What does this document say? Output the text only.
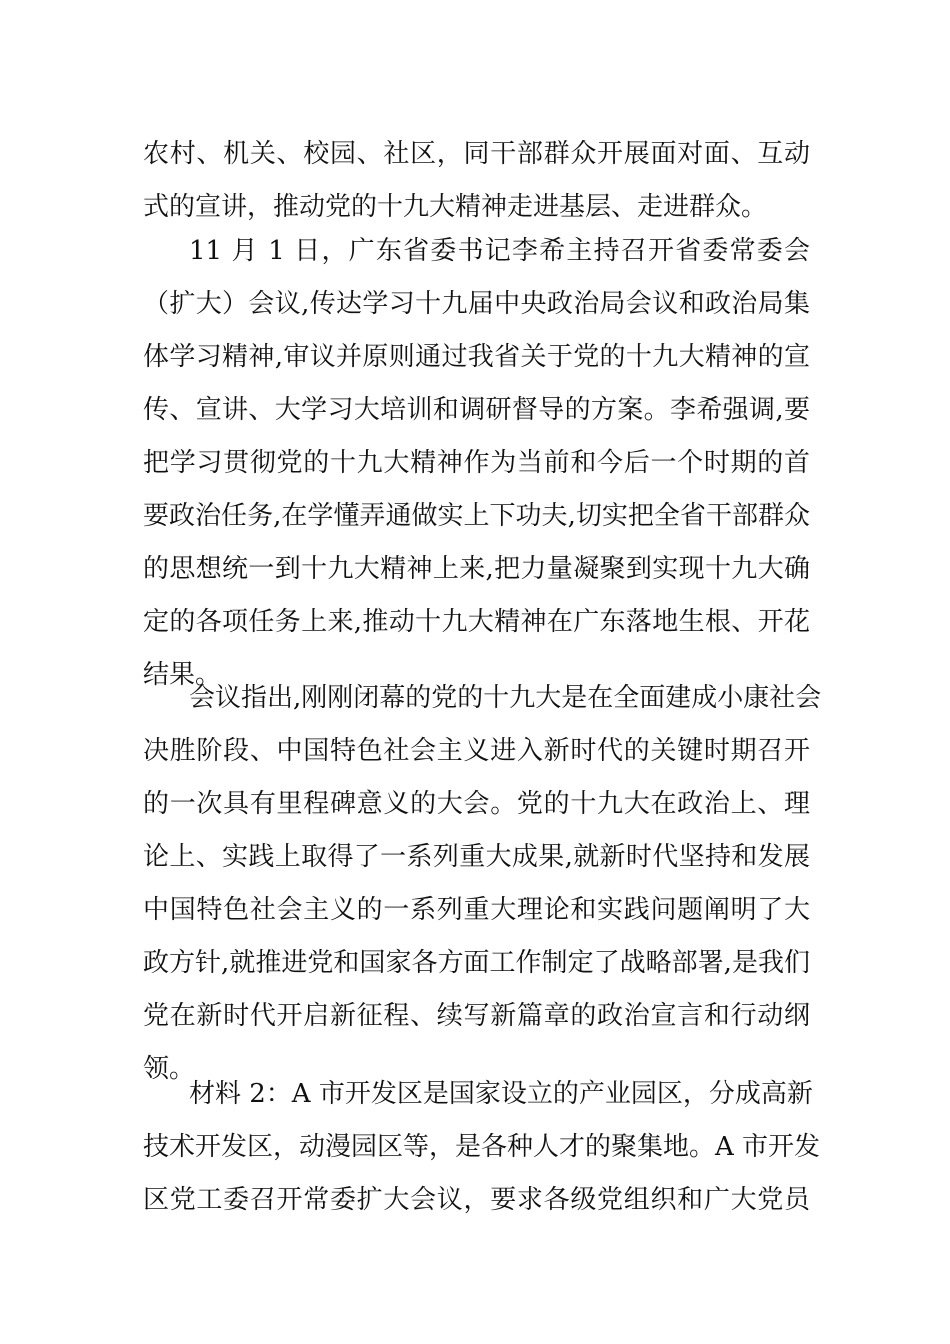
农村、机关、校园、社区，同干部群众开展面对面、互动
式的宣讲，推动党的十九大精神走进基层、走进群众。
11 月 1 日，广东省委书记李希主持召开省委常委会
（扩大）会议,传达学习十九届中央政治局会议和政治局集
体学习精神,审议并原则通过我省关于党的十九大精神的宣
传、宣讲、大学习大培训和调研督导的方案。李希强调,要
把学习贯彻党的十九大精神作为当前和今后一个时期的首
要政治任务,在学懂弄通做实上下功夫,切实把全省干部群众
的思想统一到十九大精神上来,把力量凝聚到实现十九大确
定的各项任务上来,推动十九大精神在广东落地生根、开花
结果。
会议指出,刚刚闭幕的党的十九大是在全面建成小康社会
决胜阶段、中国特色社会主义进入新时代的关键时期召开
的一次具有里程碑意义的大会。党的十九大在政治上、理
论上、实践上取得了一系列重大成果,就新时代坚持和发展
中国特色社会主义的一系列重大理论和实践问题阐明了大
政方针,就推进党和国家各方面工作制定了战略部署,是我们
党在新时代开启新征程、续写新篇章的政治宣言和行动纲
领。
材料 2：A 市开发区是国家设立的产业园区，分成高新
技术开发区，动漫园区等，是各种人才的聚集地。A 市开发
区党工委召开常委扩大会议，要求各级党组织和广大党员
